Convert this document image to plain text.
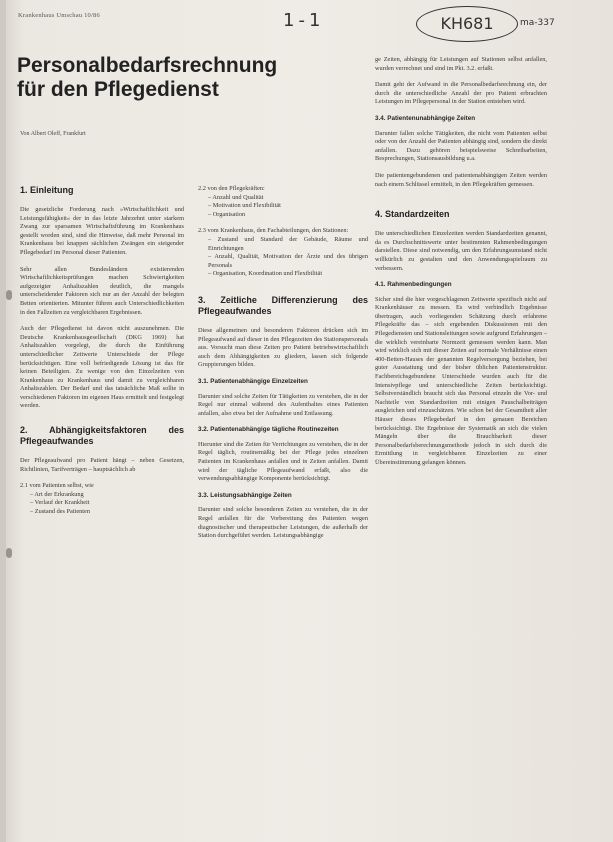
Krankenhaus Umschau 10/86	1-1	KH681	ma-337
Personalbedarfsrechnung
für den Pflegedienst
Von Albert Oleff, Frankfurt
1. Einleitung

Die gesetzliche Forderung nach »Wirtschaftlichkeit und Leistungsfähigkeit« der in das letzte Jahrzehnt unter starkem Zwang zur sparsamen Wirtschaftsführung im Krankenhaus gestellt worden sind, sind die Hinweise, daß mehr Personal im Krankenhaus bei knappen sächlichen Zwängen ein steigender Pflegebedarf im Personal dieser Patienten.

Sehr allen Bundesländern existierenden Wirtschaftlichkeitsprüfungen machen Schwierigkeiten aufgezeigter Anhaltszahlen deutlich, die mangels unterscheidender Faktoren sich nur an der Anzahl der belegten Betten orientierten. Mitunter führen auch Unterschiedlichkeiten in den Fallzeiten zu vergleichbaren Ergebnissen.

Auch der Pflegedienst ist davon nicht auszunehmen. Die Deutsche Krankenhausgesellschaft (DKG 1969) hat Anhaltszahlen vorgelegt, die durch die Einführung unterschiedlicher Zeitwerte Unterschiede der Pflege berücksichtigen. Eine voll befriedigende Lösung ist das für keinen Beteiligten. Zu wenige von den Einzelzeiten von Krankenhaus zu Krankenhaus und damit zu vergleichbaren Anhaltszahlen. Der Bedarf und das tatsächliche Maß sollte in verschiedenen Faktoren im eigenen Haus ermittelt und festgelegt werden.

2. Abhängigkeitsfaktoren des Pflegeaufwandes

Der Pflegeaufwand pro Patient hängt – neben Gesetzen, Richtlinien, Tarifverträgen – hauptsächlich ab

2.1 vom Patienten selbst, wie
– Art der Erkrankung
– Verlauf der Krankheit
– Zustand des Patienten
2.2 von den Pflegekräften:
– Anzahl und Qualität
– Motivation und Flexibilität
– Organisation
2.3 vom Krankenhaus, den Fachabteilungen, den Stationen:
– Zustand und Standard der Gebäude, Räume und Einrichtungen
– Anzahl, Qualität, Motivation der Ärzte und des übrigen Personals
– Organisation, Koordination und Flexibilität
3. Zeitliche Differenzierung des Pflegeaufwandes

Diese allgemeinen und besonderen Faktoren drücken sich im Pflegeaufwand auf dieser in den Pflegezeiten des Stationspersonals aus. Vorsucht man diese Zeiten pro Patient betriebswirtschaftlich auch dem Abhängigkeiten zu gliedern, lassen sich folgende Gruppierungen bilden.

3.1. Patientenabhängige Einzelzeiten

Darunter sind solche Zeiten für Tätigkeiten zu verstehen, die in der Regel nur einmal während des Aufenthaltes eines Patienten anfallen, also etwa bei der Aufnahme und Entlassung.

3.2. Patientenabhängige tägliche Routinezeiten

Hierunter sind die Zeiten für Verrichtungen zu verstehen, die in der Regel täglich, routinemäßig bei der Pflege jedes einzelnen Patienten im Krankenhaus anfallen und in Zeiten anfallen. Damit wird der tägliche Pflegeaufwand erfaßt, also die verwendungsabhängige Komponente berücksichtigt.

3.3. Leistungsabhängige Zeiten

Darunter sind solche besonderen Zeiten zu verstehen, die in der Regel anfallen für die Vorbereitung des Patienten wegen diagnostischer und therapeutischer Leistungen, die außerhalb der Station durchgeführt werden. Leistungsabhängige

ge Zeiten, abhängig für Leistungen auf Stationen selbst anfallen, wurden verrechnet und sind im Pkt. 3.2. erfaßt.

Damit geht der Aufwand in die Personalbedarfsrechnung ein, der durch die unterschiedliche Anzahl der pro Patient erbrachten Leistungen im Pflegepersonal in der Station entstehen wird.

3.4. Patientenunabhängige Zeiten

Darunter fallen solche Tätigkeiten, die nicht vom Patienten selbst oder von der Anzahl der Patienten abhängig sind, sondern die direkt anfallen. Dazu gehören beispielsweise Schreibarbeiten, Besprechungen, Stationsausbildung u.a.

Die patientengebundenen und patientenabhängigen Zeiten werden nach einem Schlüssel ermittelt, in den Pflegekräften gemessen.

4. Standardzeiten

Die unterschiedlichen Einzelzeiten werden Standardzeiten genannt, da es Durchschnittswerte unter bestimmten Rahmenbedingungen darstellen. Diese sind notwendig, um den Erfahrungsumstand nicht willkürlich zu gestalten und den Anwendungsspielraum zu verbessern.

4.1. Rahmenbedingungen

Sicher sind die hier vorgeschlagenen Zeitwerte spezifisch nicht auf Krankenhäuser zu messen. Es wird verbindlich Ergebnisse übertragen, auch vorliegenden Schätzung durch erfahrene Pflegekräfte das – sich ergebenden Diskussionen mit den Pflegediensten und Stationsleitungen sowie aufgrund Erfahrungen – die wirklich vereinbarte Normzeit gemessen werden kann. Man wird wirklich sich mit dieser Zeiten auf normale Verhältnisse einen 400-Betten-Hauses der genannten Regelversorgung beziehen, bei guter Ausstattung und der bisher üblichen Patientenstruktur. Fachbereichsgebundene Unterschiede wurden auch für die Intensivpflege und unterschiedliche Zeiten berücksichtigt. Selbstverständlich braucht sich das Personal einzeln die Vor- und Nachteile von Standardzeiten mit einigen Pauschalbeiträgen ausgleichen und einzuschätzen. Wie schon bei der Gesamtheit aller Häuser dieses Pflegebedarf in den genauen Bereichen berücksichtigt. Die Ergebnisse der Systematik an sich die vielen Mängeln über die Brauchbarkeit dieser Personalbedarfsberechnungsmethode jedoch in sich durch die Ermittlung in vergleichbaren Einzelzeiten zu einer Übereinstimmung gelangen können.
